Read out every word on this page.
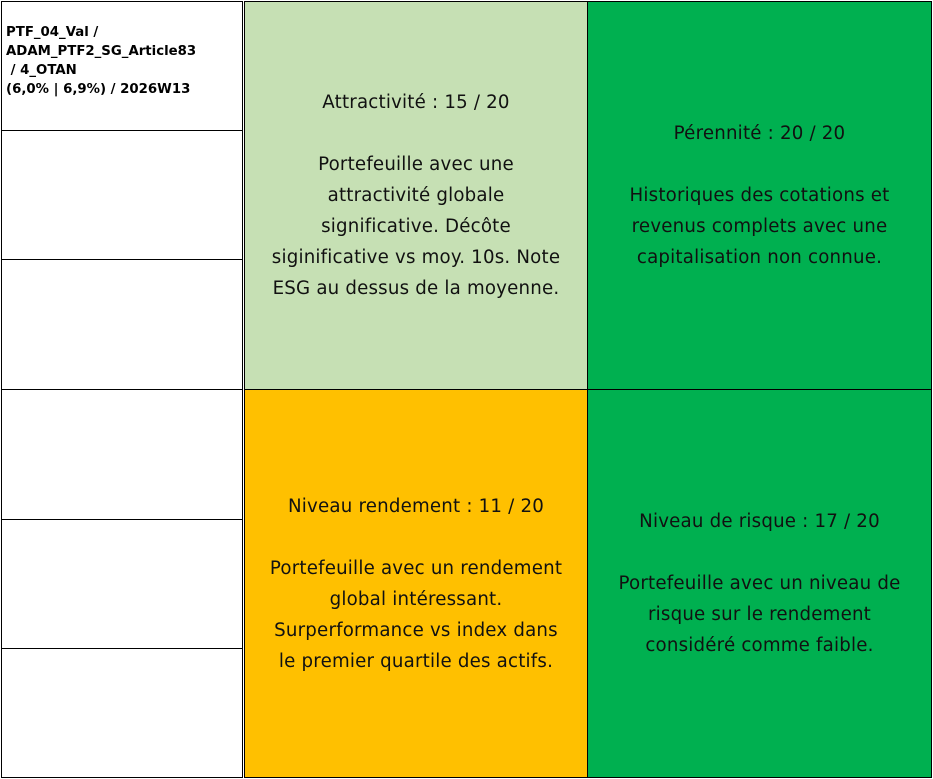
PTF_04_Val /
ADAM_PTF2_SG_Article83
/ 4_OTAN
(6,0% | 6,9%) / 2026W13
Attractivité : 15 / 20
Portefeuille avec une
attractivité globale
significative. Décôte
siginificative vs moy. 10s. Note
ESG au dessus de la moyenne.
Pérennité : 20 / 20
Historiques des cotations et
revenus complets avec une
capitalisation non connue.
Niveau rendement : 11 / 20
Portefeuille avec un rendement
global intéressant.
Surperformance vs index dans
le premier quartile des actifs.
Niveau de risque : 17 / 20
Portefeuille avec un niveau de
risque sur le rendement
considéré comme faible.
